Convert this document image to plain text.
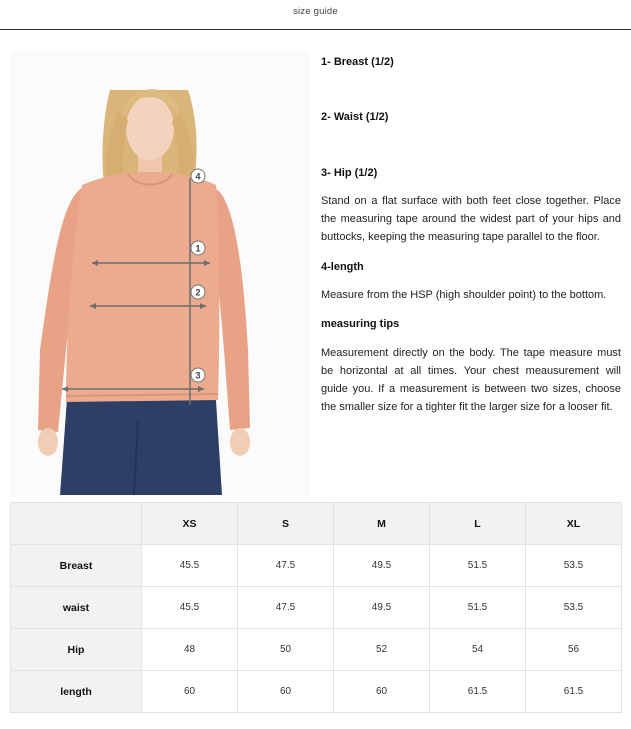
size guide
4
1
2
3
1- Breast (1/2)
2- Waist (1/2)
3- Hip (1/2)
Stand on a flat surface with both feet close together. Place the measuring tape around the widest part of your hips and buttocks, keeping the measuring tape parallel to the floor.
4-length
Measure from the HSP (high shoulder point) to the bottom.
measuring tips
Measurement directly on the body. The tape measure must be horizontal at all times. Your chest meausurement will guide you. If a measurement is between two sizes, choose the smaller size for a tighter fit the larger size for a looser fit.
	XS	S	M	L	XL
Breast	45.5	47.5	49.5	51.5	53.5
waist	45.5	47.5	49.5	51.5	53.5
Hip	48	50	52	54	56
length	60	60	60	61.5	61.5
